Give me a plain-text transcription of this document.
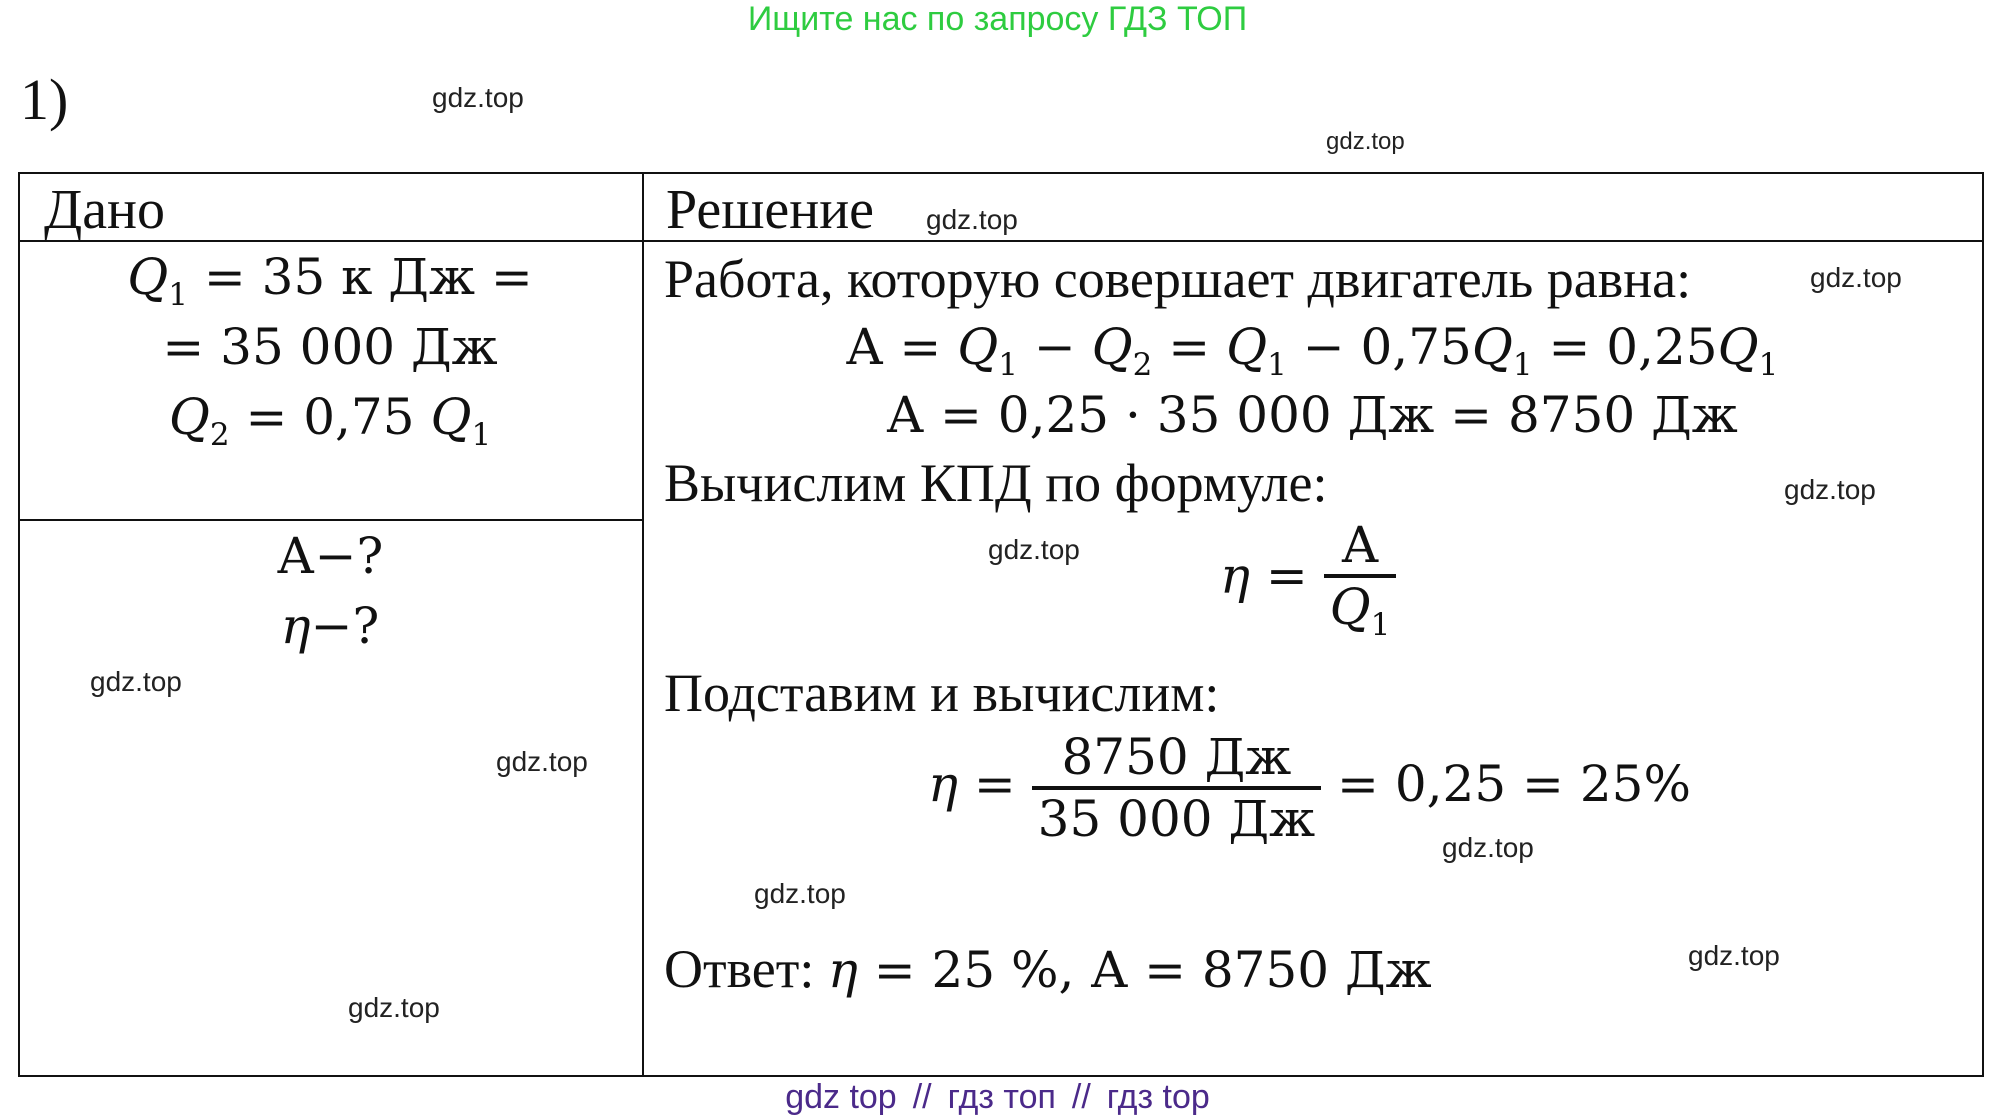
Ищите нас по запросу ГДЗ ТОП
1)
Дано	Решение
$Q_1 = 35$ к Дж =
= 35 000 Дж
$Q_2 = 0,75$ $Q_1$
А−?
η−?
Работа, которую совершает двигатель равна:
$А = Q_1 - Q_2 = Q_1 - 0,75Q_1 = 0,25Q_1$
А = 0,25 · 35 000 Дж = 8750 Дж
Вычислим КПД по формуле:
$\eta = \frac{А}{Q_1}$
Подставим и вычислим:
$\eta = \frac{8750 Дж}{35 000 Дж} = 0,25 = 25\%$
Ответ: η = 25 %, А = 8750 Дж
gdz.top
gdz.top
gdz.top
gdz.top
gdz.top
gdz.top
gdz.top
gdz.top
gdz.top
gdz.top
gdz.top
gdz.top
gdz top // гдз топ // гдз top
